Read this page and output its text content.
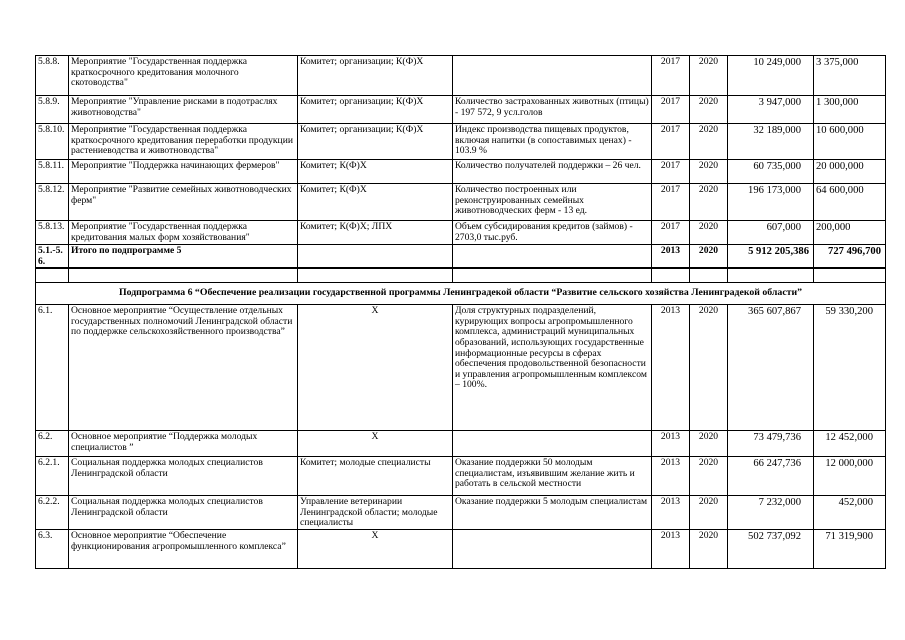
5.8.8.	Мероприятие "Государственная поддержка краткосрочного кредитования молочного скотоводства"	Комитет; организации; К(Ф)Х		2017	2020	10 249,000	3 375,000
5.8.9.	Мероприятие "Управление рисками в подотраслях животноводства"	Комитет; организации; К(Ф)Х	Количество застрахованных животных (птицы) - 197 572, 9 усл.голов	2017	2020	3 947,000	1 300,000
5.8.10.	Мероприятие "Государственная поддержка краткосрочного кредитования переработки продукции растениеводства и животноводства"	Комитет; организации; К(Ф)Х	Индекс производства пищевых продуктов, включая напитки (в сопоставимых ценах) - 103.9 %	2017	2020	32 189,000	10 600,000
5.8.11.	Мероприятие "Поддержка начинающих фермеров"	Комитет; К(Ф)Х	Количество получателей поддержки – 26 чел.	2017	2020	60 735,000	20 000,000
5.8.12.	Мероприятие "Развитие семейных животноводческих ферм"	Комитет; К(Ф)Х	Количество построенных или реконструированных семейных животноводческих ферм - 13 ед.	2017	2020	196 173,000	64 600,000
5.8.13.	Мероприятие "Государственная поддержка кредитования малых форм хозяйствования"	Комитет; К(Ф)Х; ЛПХ	Объем субсидирования кредитов (займов) - 2703,0 тыс.руб.	2017	2020	607,000	200,000
5.1.-5.6.	Итого по подпрограмме 5			2013	2020	5 912 205,386	727 496,700

Подпрограмма 6 “Обеспечение реализации государственной программы Ленинградекой области “Развитие сельского хозяйства Ленинградекой области”							
6.1.	Основное мероприятие “Осуществление отдельных государственных полномочий Ленинградской области по поддержке сельскохозяйственного производства”	X	Доля структурных подразделений, курирующих вопросы агропромышленного комплекса, администраций муниципальных образований, использующих государственные информационные ресурсы в сферах обеспечения продовольственной безопасности и управления агропромышленным комплексом – 100%.	2013	2020	365 607,867	59 330,200
6.2.	Основное мероприятие “Поддержка молодых специалистов ”	X		2013	2020	73 479,736	12 452,000
6.2.1.	Социальная поддержка молодых специалистов Ленинградской области	Комитет; молодые специалисты	Оказание поддержки 50 молодым специалистам, изъявившим желание жить и работать в сельской местности	2013	2020	66 247,736	12 000,000
6.2.2.	Социальная поддержка молодых специалистов Ленинградской области	Управление ветеринарии Ленинградской области; молодые специалисты	Оказание поддержки 5 молодым специалистам	2013	2020	7 232,000	452,000
6.3.	Основное мероприятие “Обеспечение функционирования агропромышленного комплекса”	X		2013	2020	502 737,092	71 319,900
